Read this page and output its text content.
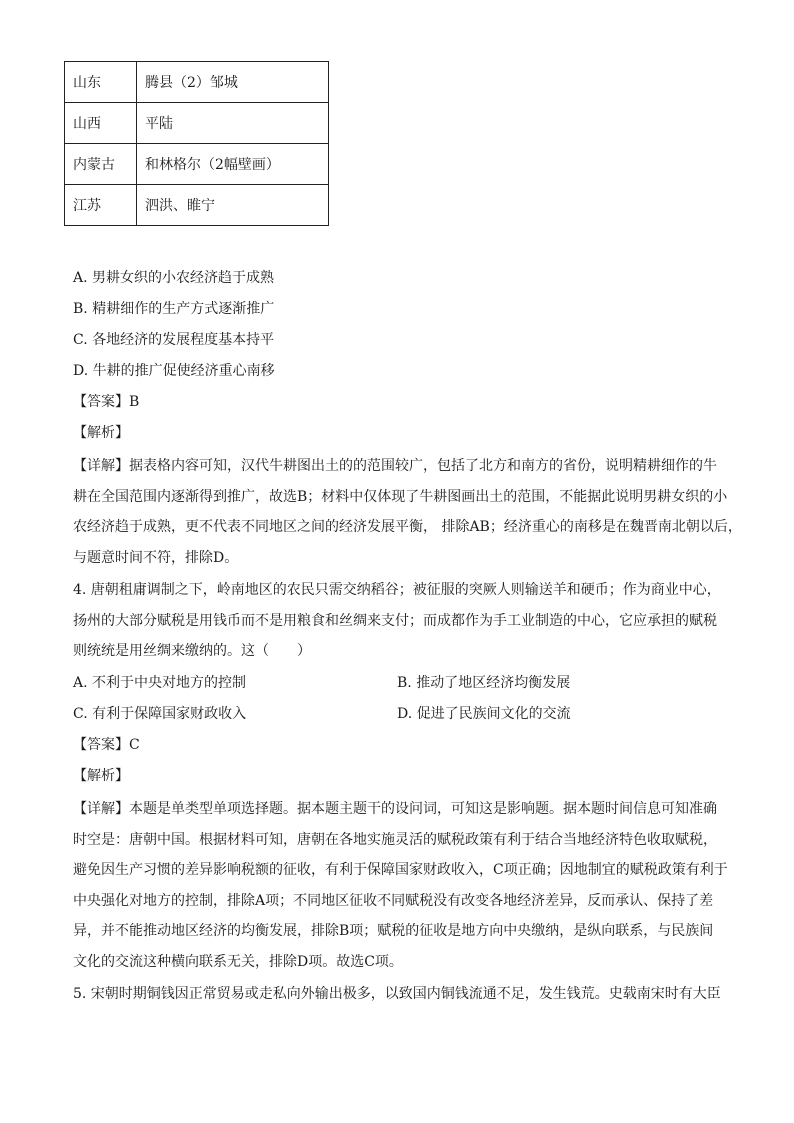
山东	腾县（2）邹城
山西	平陆
内蒙古	和林格尔（2幅壁画）
江苏	泗洪、睢宁
A. 男耕女织的小农经济趋于成熟
B. 精耕细作的生产方式逐渐推广
C. 各地经济的发展程度基本持平
D. 牛耕的推广促使经济重心南移
【答案】B
【解析】
【详解】据表格内容可知，汉代牛耕图出土的的范围较广，包括了北方和南方的省份，说明精耕细作的牛
耕在全国范围内逐渐得到推广，故选B；材料中仅体现了牛耕图画出土的范围，不能据此说明男耕女织的小
农经济趋于成熟，更不代表不同地区之间的经济发展平衡， 排除AB；经济重心的南移是在魏晋南北朝以后，
与题意时间不符，排除D。
4. 唐朝租庸调制之下，岭南地区的农民只需交纳稻谷；被征服的突厥人则输送羊和硬币；作为商业中心，
扬州的大部分赋税是用钱币而不是用粮食和丝绸来支付；而成都作为手工业制造的中心，它应承担的赋税
则统统是用丝绸来缴纳的。这（　　）
A. 不利于中央对地方的控制	B. 推动了地区经济均衡发展
C. 有利于保障国家财政收入	D. 促进了民族间文化的交流
【答案】C
【解析】
【详解】本题是单类型单项选择题。据本题主题干的设问词，可知这是影响题。据本题时间信息可知准确
时空是：唐朝中国。根据材料可知，唐朝在各地实施灵活的赋税政策有利于结合当地经济特色收取赋税，
避免因生产习惯的差异影响税额的征收，有利于保障国家财政收入，C项正确；因地制宜的赋税政策有利于
中央强化对地方的控制，排除A项；不同地区征收不同赋税没有改变各地经济差异，反而承认、保持了差
异，并不能推动地区经济的均衡发展，排除B项；赋税的征收是地方向中央缴纳，是纵向联系，与民族间
文化的交流这种横向联系无关，排除D项。故选C项。
5. 宋朝时期铜钱因正常贸易或走私向外输出极多，以致国内铜钱流通不足，发生钱荒。史载南宋时有大臣
